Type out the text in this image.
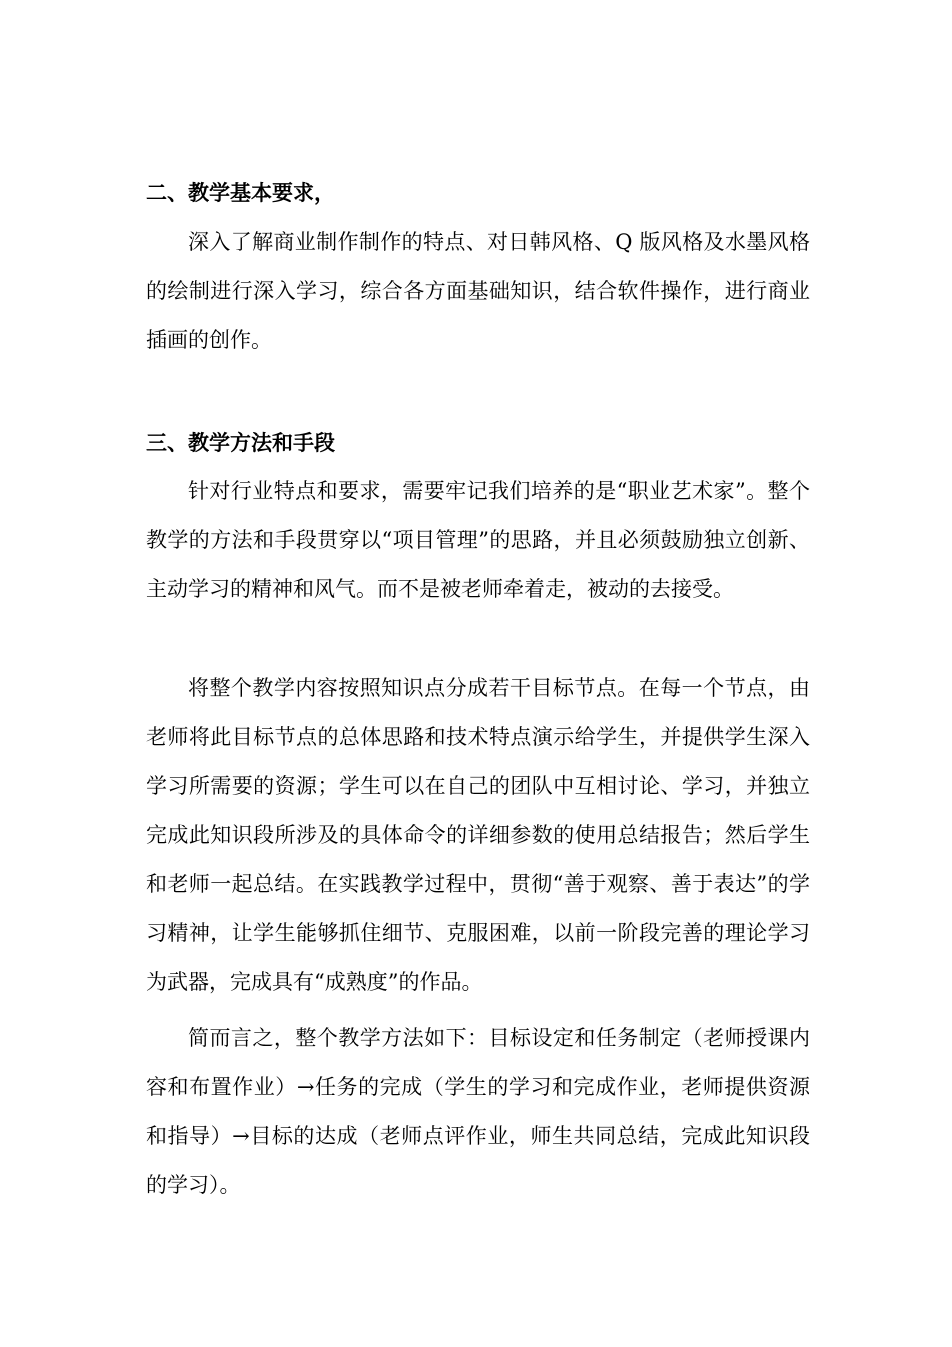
二、教学基本要求，

深入了解商业制作制作的特点、对日韩风格、Q 版风格及水墨风格的绘制进行深入学习，综合各方面基础知识，结合软件操作，进行商业插画的创作。

三、教学方法和手段

针对行业特点和要求，需要牢记我们培养的是“职业艺术家”。整个教学的方法和手段贯穿以“项目管理”的思路，并且必须鼓励独立创新、主动学习的精神和风气。而不是被老师牵着走，被动的去接受。

将整个教学内容按照知识点分成若干目标节点。在每一个节点，由老师将此目标节点的总体思路和技术特点演示给学生，并提供学生深入学习所需要的资源；学生可以在自己的团队中互相讨论、学习，并独立完成此知识段所涉及的具体命令的详细参数的使用总结报告；然后学生和老师一起总结。在实践教学过程中，贯彻“善于观察、善于表达”的学习精神，让学生能够抓住细节、克服困难，以前一阶段完善的理论学习为武器，完成具有“成熟度”的作品。

简而言之，整个教学方法如下：目标设定和任务制定（老师授课内容和布置作业）→任务的完成（学生的学习和完成作业，老师提供资源和指导）→目标的达成（老师点评作业，师生共同总结，完成此知识段的学习）。
